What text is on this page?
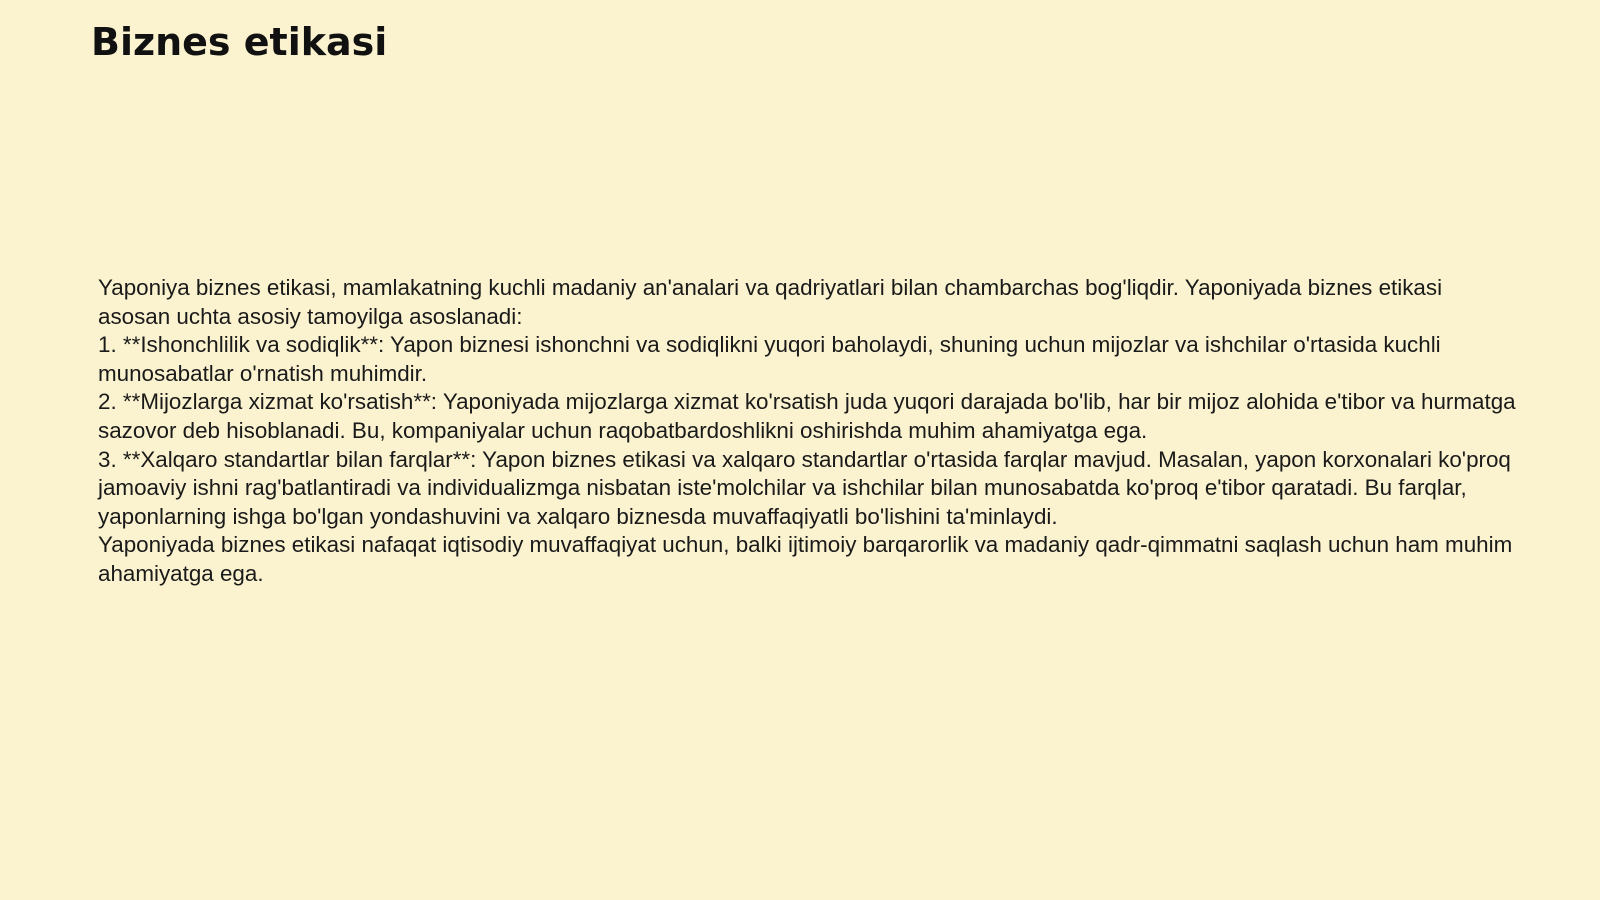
Biznes etikasi

Yaponiya biznes etikasi, mamlakatning kuchli madaniy an'analari va qadriyatlari bilan chambarchas bog'liqdir. Yaponiyada biznes etikasi asosan uchta asosiy tamoyilga asoslanadi:

1. **Ishonchlilik va sodiqlik**: Yapon biznesi ishonchni va sodiqlikni yuqori baholaydi, shuning uchun mijozlar va ishchilar o'rtasida kuchli munosabatlar o'rnatish muhimdir.

2. **Mijozlarga xizmat ko'rsatish**: Yaponiyada mijozlarga xizmat ko'rsatish juda yuqori darajada bo'lib, har bir mijoz alohida e'tibor va hurmatga sazovor deb hisoblanadi. Bu, kompaniyalar uchun raqobatbardoshlikni oshirishda muhim ahamiyatga ega.

3. **Xalqaro standartlar bilan farqlar**: Yapon biznes etikasi va xalqaro standartlar o'rtasida farqlar mavjud. Masalan, yapon korxonalari ko'proq jamoaviy ishni rag'batlantiradi va individualizmga nisbatan iste'molchilar va ishchilar bilan munosabatda ko'proq e'tibor qaratadi. Bu farqlar, yaponlarning ishga bo'lgan yondashuvini va xalqaro biznesda muvaffaqiyatli bo'lishini ta'minlaydi.

Yaponiyada biznes etikasi nafaqat iqtisodiy muvaffaqiyat uchun, balki ijtimoiy barqarorlik va madaniy qadr-qimmatni saqlash uchun ham muhim ahamiyatga ega.
